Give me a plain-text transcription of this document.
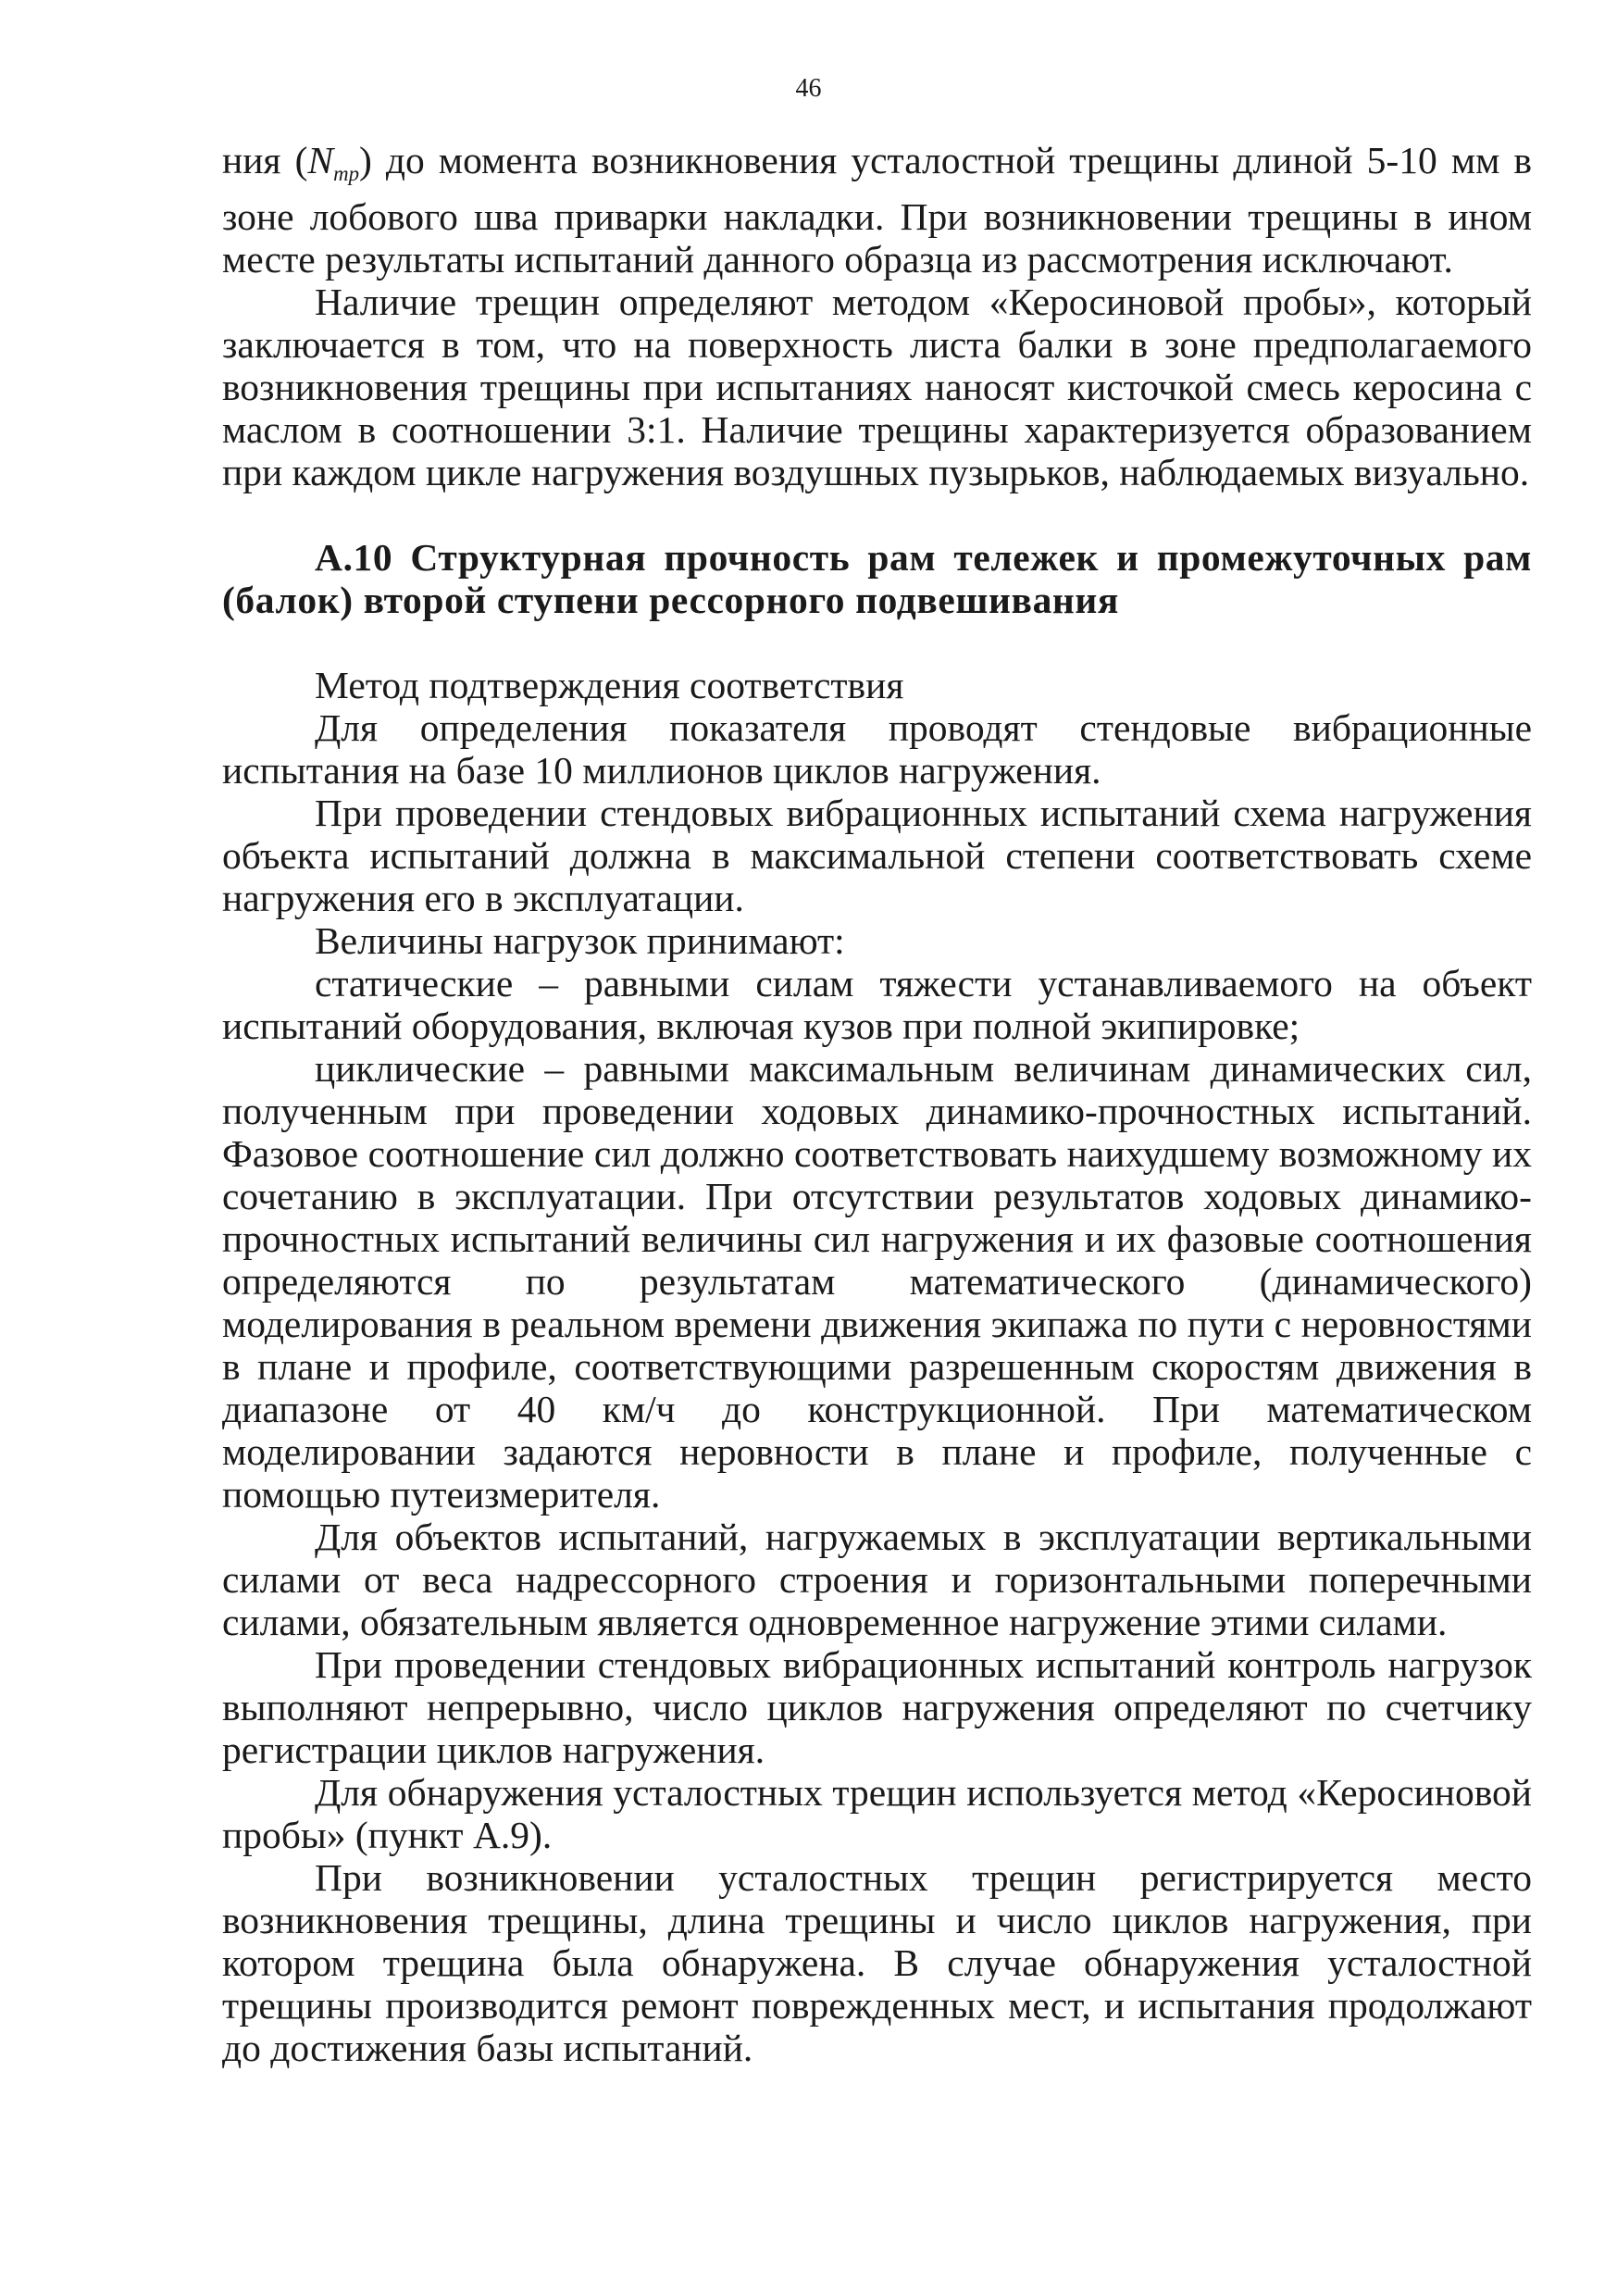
46

ния $(N_{тр})$ до момента возникновения усталостной трещины длиной 5-10 мм в зоне лобового шва приварки накладки. При возникновении трещины в ином месте результаты испытаний данного образца из рассмотрения исключают.

Наличие трещин определяют методом «Керосиновой пробы», который заключается в том, что на поверхность листа балки в зоне предполагаемого возникновения трещины при испытаниях наносят кисточкой смесь керосина с маслом в соотношении 3:1. Наличие трещины характеризуется образованием при каждом цикле нагружения воздушных пузырьков, наблюдаемых визуально.

А.10 Структурная прочность рам тележек и промежуточных рам (балок) второй ступени рессорного подвешивания

Метод подтверждения соответствия

Для определения показателя проводят стендовые вибрационные испытания на базе 10 миллионов циклов нагружения.

При проведении стендовых вибрационных испытаний схема нагружения объекта испытаний должна в максимальной степени соответствовать схеме нагружения его в эксплуатации.

Величины нагрузок принимают:

статические – равными силам тяжести устанавливаемого на объект испытаний оборудования, включая кузов при полной экипировке;

циклические – равными максимальным величинам динамических сил, полученным при проведении ходовых динамико-прочностных испытаний. Фазовое соотношение сил должно соответствовать наихудшему возможному их сочетанию в эксплуатации. При отсутствии результатов ходовых динамико-прочностных испытаний величины сил нагружения и их фазовые соотношения определяются по результатам математического (динамического) моделирования в реальном времени движения экипажа по пути с неровностями в плане и профиле, соответствующими разрешенным скоростям движения в диапазоне от 40 км/ч до конструкционной. При математическом моделировании задаются неровности в плане и профиле, полученные с помощью путеизмерителя.

Для объектов испытаний, нагружаемых в эксплуатации вертикальными силами от веса надрессорного строения и горизонтальными поперечными силами, обязательным является одновременное нагружение этими силами.

При проведении стендовых вибрационных испытаний контроль нагрузок выполняют непрерывно, число циклов нагружения определяют по счетчику регистрации циклов нагружения.

Для обнаружения усталостных трещин используется метод «Керосиновой пробы» (пункт А.9).

При возникновении усталостных трещин регистрируется место возникновения трещины, длина трещины и число циклов нагружения, при котором трещина была обнаружена. В случае обнаружения усталостной трещины производится ремонт поврежденных мест, и испытания продолжают до достижения базы испытаний.
